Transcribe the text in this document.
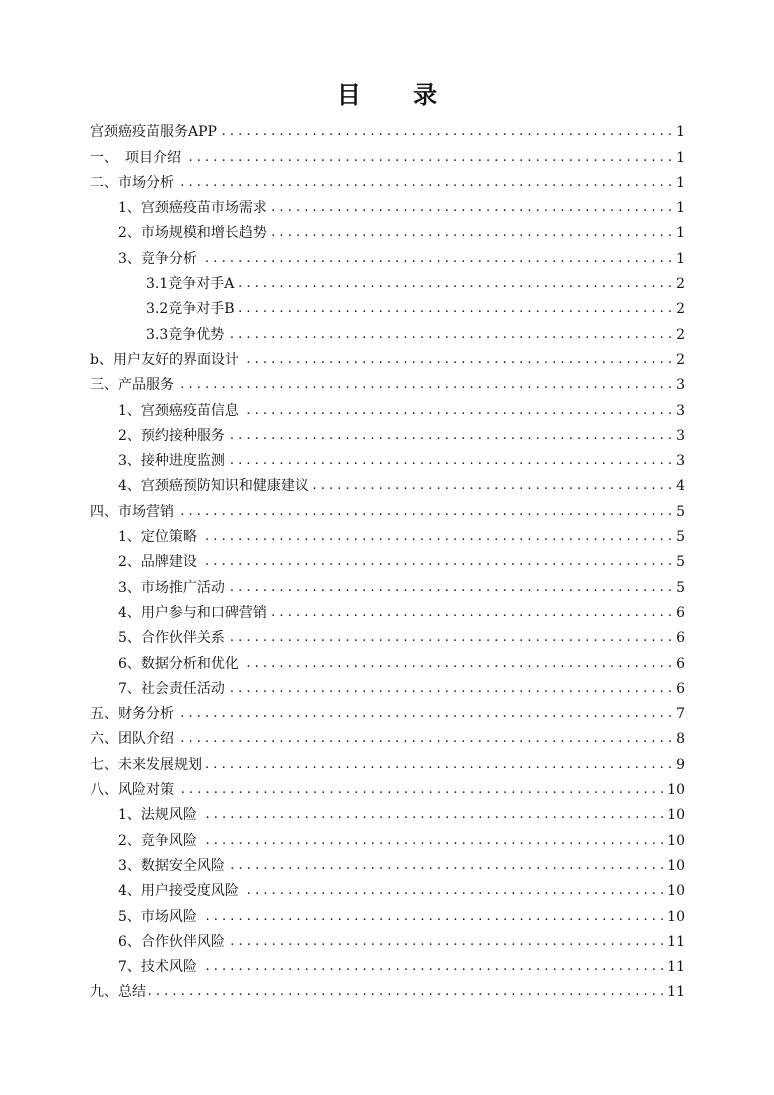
目 录
宫颈癌疫苗服务APP . . .	1
一、　项目介绍 . . .	1
二、市场分析 . . .	1
1、宫颈癌疫苗市场需求 . . .	1
2、市场规模和增长趋势 . . .	1
3、竞争分析 . . .	1
3.1竞争对手A . . .	2
3.2竞争对手B . . .	2
3.3竞争优势 . . .	2
b、用户友好的界面设计 . . .	2
三、产品服务 . . .	3
1、宫颈癌疫苗信息 . . .	3
2、预约接种服务 . . .	3
3、接种进度监测 . . .	3
4、宫颈癌预防知识和健康建议 . . .	4
四、市场营销 . . .	5
1、定位策略 . . .	5
2、品牌建设 . . .	5
3、市场推广活动 . . .	5
4、用户参与和口碑营销 . . .	6
5、合作伙伴关系 . . .	6
6、数据分析和优化 . . .	6
7、社会责任活动 . . .	6
五、财务分析 . . .	7
六、团队介绍 . . .	8
七、未来发展规划 . . .	9
八、风险对策 . . .	10
1、法规风险 . . .	10
2、竞争风险 . . .	10
3、数据安全风险 . . .	10
4、用户接受度风险 . . .	10
5、市场风险 . . .	10
6、合作伙伴风险 . . .	11
7、技术风险 . . .	11
九、总结 . . .	11
